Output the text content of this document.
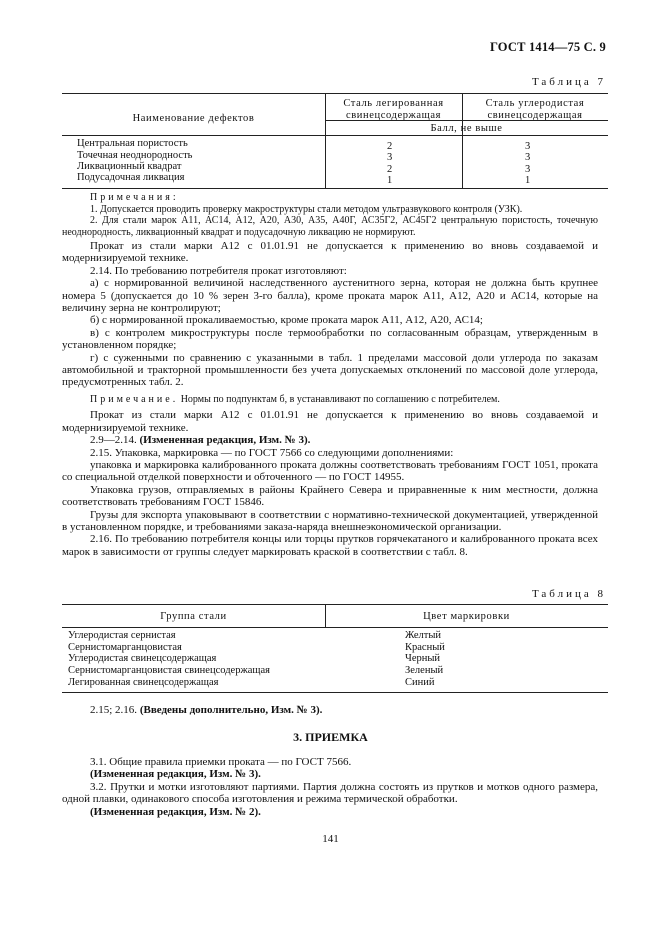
ГОСТ 1414—75 С. 9
Таблица 7
Наименование дефектов
Сталь легированная свинецсодержащая
Сталь углеродистая свинецсодержащая
Балл, не выше
Центральная пористость
Точечная неоднородность
Ликвационный квадрат
Подусадочная ликвация
2
3
2
1
3
3
3
1

Примечания:

1. Допускается проводить проверку макроструктуры стали методом ультразвукового контроля (УЗК).

2. Для стали марок А11, АС14, А12, А20, А30, А35, А40Г, АС35Г2, АС45Г2 центральную пористость, точечную неоднородность, ликвационный квадрат и подусадочную ликвацию не нормируют.

Прокат из стали марки А12 с 01.01.91 не допускается к применению во вновь создаваемой и модернизируемой технике.

2.14. По требованию потребителя прокат изготовляют:

а) с нормированной величиной наследственного аустенитного зерна, которая не должна быть крупнее номера 5 (допускается до 10 % зерен 3-го балла), кроме проката марок А11, А12, А20 и АС14, которые на величину зерна не контролируют;

б) с нормированной прокаливаемостью, кроме проката марок А11, А12, А20, АС14;

в) с контролем микроструктуры после термообработки по согласованным образцам, утвержденным в установленном порядке;

г) с суженными по сравнению с указанными в табл. 1 пределами массовой доли углерода по заказам автомобильной и тракторной промышленности без учета допускаемых отклонений по массовой доле углерода, предусмотренных табл. 2.

Примечание. Нормы по подпунктам б, в устанавливают по соглашению с потребителем.

Прокат из стали марки А12 с 01.01.91 не допускается к применению во вновь создаваемой и модернизируемой технике.

2.9—2.14. (Измененная редакция, Изм. № 3).

2.15. Упаковка, маркировка — по ГОСТ 7566 со следующими дополнениями:

упаковка и маркировка калиброванного проката должны соответствовать требованиям ГОСТ 1051, проката со специальной отделкой поверхности и обточенного — по ГОСТ 14955.

Упаковка грузов, отправляемых в районы Крайнего Севера и приравненные к ним местности, должна соответствовать требованиям ГОСТ 15846.

Грузы для экспорта упаковывают в соответствии с нормативно-технической документацией, утвержденной в установленном порядке, и требованиями заказа-наряда внешнеэкономической организации.

2.16. По требованию потребителя концы или торцы прутков горячекатаного и калиброванного проката всех марок в зависимости от группы следует маркировать краской в соответствии с табл. 8.

Таблица 8
Группа стали	Цвет маркировки
Углеродистая сернистая
Сернистомарганцовистая
Углеродистая свинецсодержащая
Сернистомарганцовистая свинецсодержащая
Легированная свинецсодержащая
Желтый
Красный
Черный
Зеленый
Синий

2.15; 2.16. (Введены дополнительно, Изм. № 3).

3. ПРИЕМКА

3.1. Общие правила приемки проката — по ГОСТ 7566.

(Измененная редакция, Изм. № 3).

3.2. Прутки и мотки изготовляют партиями. Партия должна состоять из прутков и мотков одного размера, одной плавки, одинакового способа изготовления и режима термической обработки.

(Измененная редакция, Изм. № 2).

141
